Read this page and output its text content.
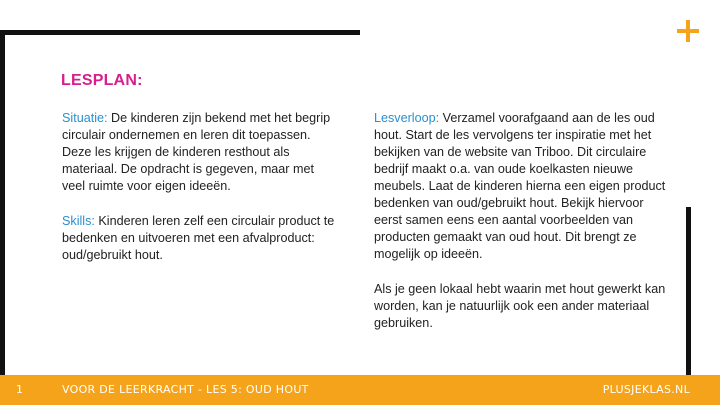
LESPLAN:

Situatie: De kinderen zijn bekend met het begrip circulair ondernemen en leren dit toepassen. Deze les krijgen de kinderen resthout als materiaal. De opdracht is gegeven, maar met veel ruimte voor eigen ideeën.

Skills: Kinderen leren zelf een circulair product te bedenken en uitvoeren met een afvalproduct: oud/gebruikt hout.

Lesverloop: Verzamel voorafgaand aan de les oud hout. Start de les vervolgens ter inspiratie met het bekijken van de website van Triboo. Dit circulaire bedrijf maakt o.a. van oude koelkasten nieuwe meubels. Laat de kinderen hierna een eigen product bedenken van oud/gebruikt hout. Bekijk hiervoor eerst samen eens een aantal voorbeelden van producten gemaakt van oud hout. Dit brengt ze mogelijk op ideeën.

Als je geen lokaal hebt waarin met hout gewerkt kan worden, kan je natuurlijk ook een ander materiaal gebruiken.

1	VOOR DE LEERKRACHT - LES 5: OUD HOUT	PLUSJEKLAS.NL
